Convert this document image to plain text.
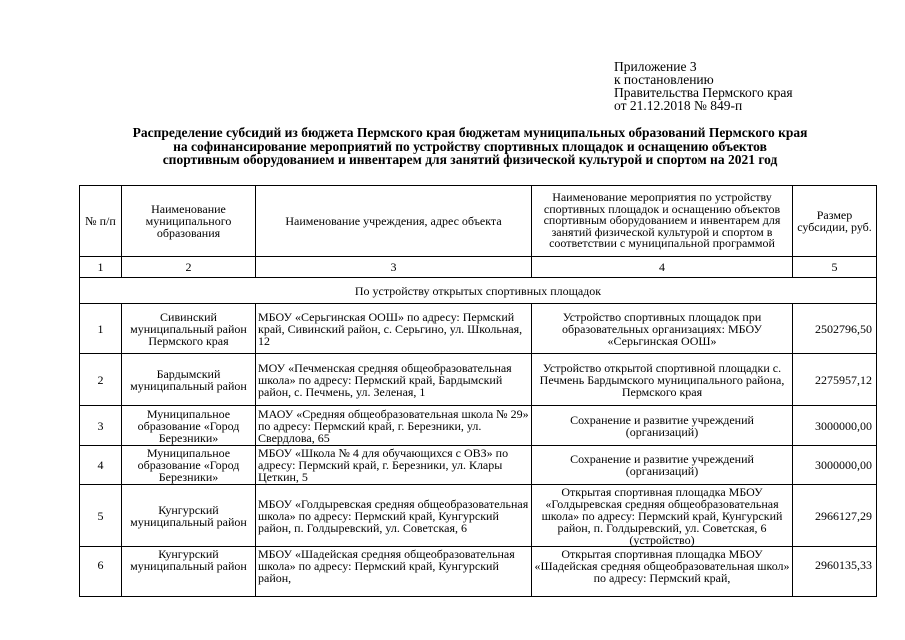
Приложение 3
к постановлению
Правительства Пермского края
от 21.12.2018 № 849-п
Распределение субсидий из бюджета Пермского края бюджетам муниципальных образований Пермского края
на софинансирование мероприятий по устройству спортивных площадок и оснащению объектов
спортивным оборудованием и инвентарем для занятий физической культурой и спортом на 2021 год
№ п/п	Наименование муниципального образования	Наименование учреждения, адрес объекта	Наименование мероприятия по устройству спортивных площадок и оснащению объектов спортивным оборудованием и инвентарем для занятий физической культурой и спортом в соответствии с муниципальной программой	Размер субсидии, руб.
1	2	3	4	5
По устройству открытых спортивных площадок				
1	Сивинский муниципальный район Пермского края	МБОУ «Серьгинская ООШ» по адресу: Пермский край, Сивинский район, с. Серьгино, ул. Школьная, 12	Устройство спортивных площадок при образовательных организациях: МБОУ «Серьгинская ООШ»	2502796,50
2	Бардымский муниципальный район	МОУ «Печменская средняя общеобразовательная школа» по адресу: Пермский край, Бардымский район, с. Печмень, ул. Зеленая, 1	Устройство открытой спортивной площадки с. Печмень Бардымского муниципального района, Пермского края	2275957,12
3	Муниципальное образование «Город Березники»	МАОУ «Средняя общеобразовательная школа № 29» по адресу: Пермский край, г. Березники, ул. Свердлова, 65	Сохранение и развитие учреждений (организаций)	3000000,00
4	Муниципальное образование «Город Березники»	МБОУ «Школа № 4 для обучающихся с ОВЗ» по адресу: Пермский край, г. Березники, ул. Клары Цеткин, 5	Сохранение и развитие учреждений (организаций)	3000000,00
5	Кунгурский муниципальный район	МБОУ «Голдыревская средняя общеобразовательная школа» по адресу: Пермский край, Кунгурский район, п. Голдыревский, ул. Советская, 6	Открытая спортивная площадка МБОУ «Голдыревская средняя общеобразовательная школа» по адресу: Пермский край, Кунгурский район, п. Голдыревский, ул. Советская, 6 (устройство)	2966127,29
6	Кунгурский муниципальный район	МБОУ «Шадейская средняя общеобразовательная школа» по адресу: Пермский край, Кунгурский район,	Открытая спортивная площадка МБОУ «Шадейская средняя общеобразовательная школ» по адресу: Пермский край,	2960135,33
